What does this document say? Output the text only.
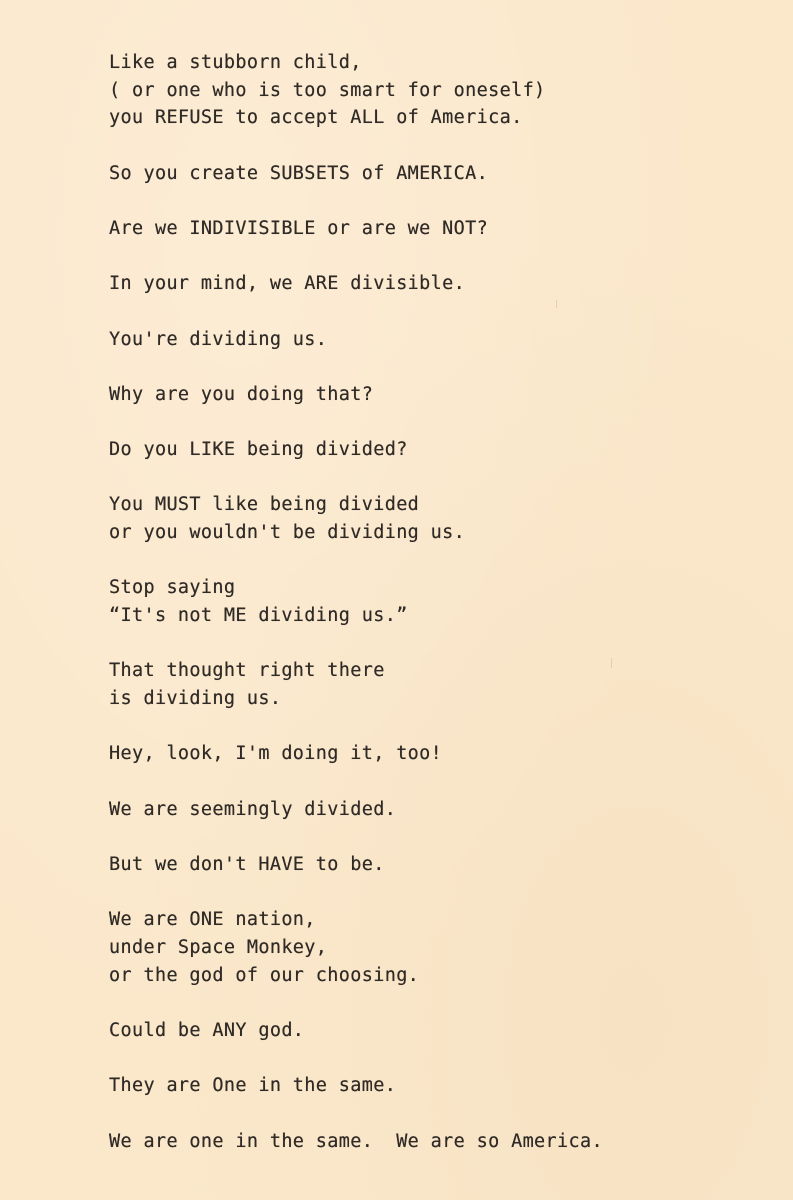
Like a stubborn child,
( or one who is too smart for oneself)
you REFUSE to accept ALL of America.
So you create SUBSETS of AMERICA.
Are we INDIVISIBLE or are we NOT?
In your mind, we ARE divisible.
You're dividing us.
Why are you doing that?
Do you LIKE being divided?
You MUST like being divided
or you wouldn't be dividing us.
Stop saying
“It's not ME dividing us.”
That thought right there
is dividing us.
Hey, look, I'm doing it, too!
We are seemingly divided.
But we don't HAVE to be.
We are ONE nation,
under Space Monkey,
or the god of our choosing.
Could be ANY god.
They are One in the same.
We are one in the same.  We are so America.
